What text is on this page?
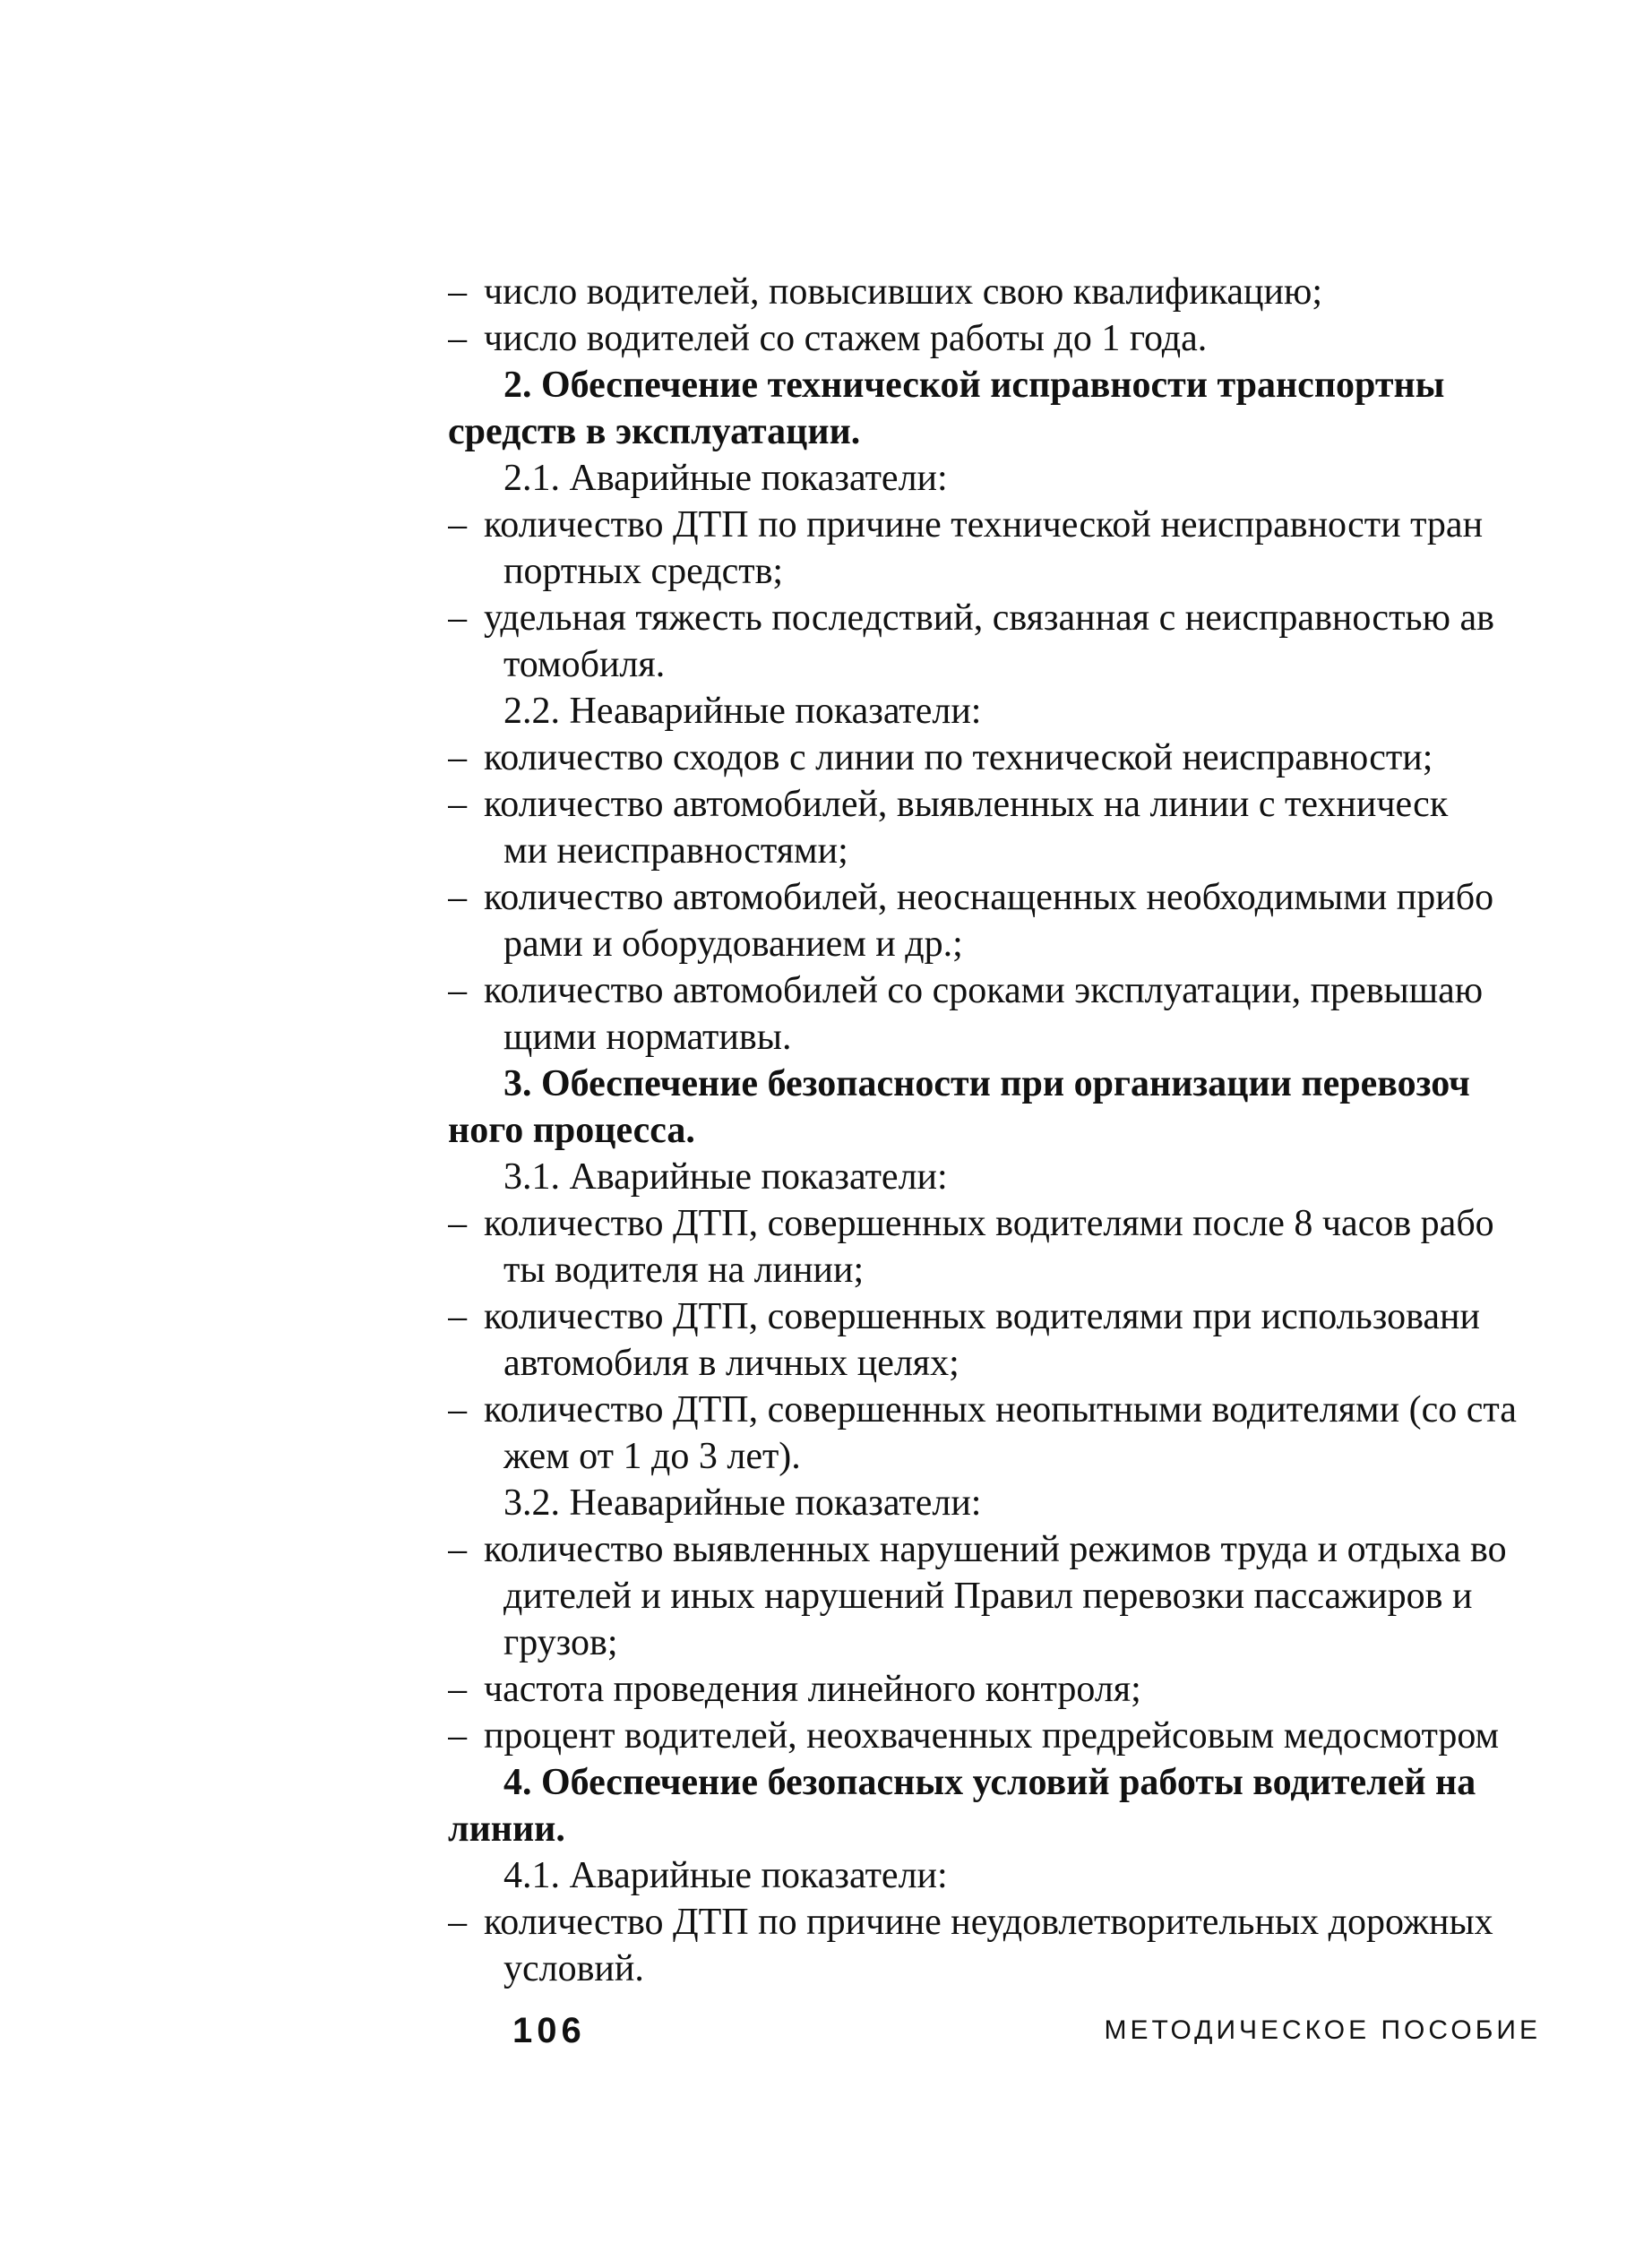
– число водителей, повысивших свою квалификацию;
– число водителей со стажем работы до 1 года.
2. Обеспечение технической исправности транспортны
средств в эксплуатации.
2.1. Аварийные показатели:
– количество ДТП по причине технической неисправности тран
портных средств;
– удельная тяжесть последствий, связанная с неисправностью ав
томобиля.
2.2. Неаварийные показатели:
– количество сходов с линии по технической неисправности;
– количество автомобилей, выявленных на линии с техническ
ми неисправностями;
– количество автомобилей, неоснащенных необходимыми прибо
рами и оборудованием и др.;
– количество автомобилей со сроками эксплуатации, превышаю
щими нормативы.
3. Обеспечение безопасности при организации перевозоч
ного процесса.
3.1. Аварийные показатели:
– количество ДТП, совершенных водителями после 8 часов рабо
ты водителя на линии;
– количество ДТП, совершенных водителями при использовани
автомобиля в личных целях;
– количество ДТП, совершенных неопытными водителями (со ста
жем от 1 до 3 лет).
3.2. Неаварийные показатели:
– количество выявленных нарушений режимов труда и отдыха во
дителей и иных нарушений Правил перевозки пассажиров и
грузов;
– частота проведения линейного контроля;
– процент водителей, неохваченных предрейсовым медосмотром
4. Обеспечение безопасных условий работы водителей на
линии.
4.1. Аварийные показатели:
– количество ДТП по причине неудовлетворительных дорожных
условий.
106	МЕТОДИЧЕСКОЕ ПОСОБИЕ
